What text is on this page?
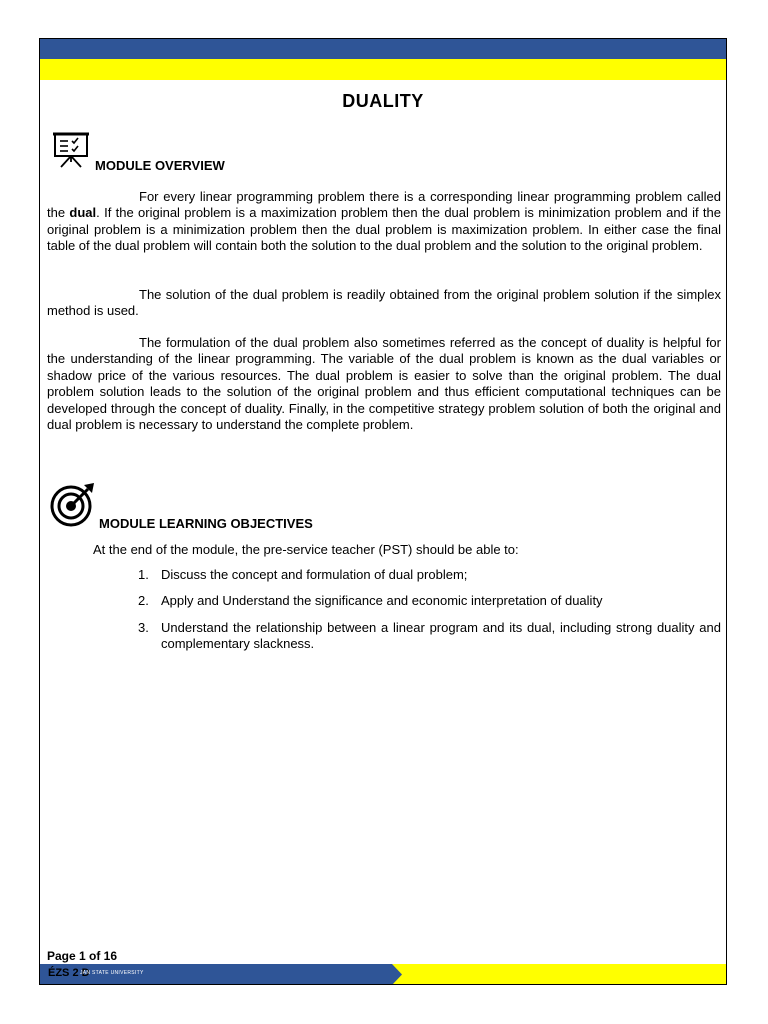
DUALITY
MODULE OVERVIEW

For every linear programming problem there is a corresponding linear programming problem called the dual. If the original problem is a maximization problem then the dual problem is minimization problem and if the original problem is a minimization problem then the dual problem is maximization problem. In either case the final table of the dual problem will contain both the solution to the dual problem and the solution to the original problem.

The solution of the dual problem is readily obtained from the original problem solution if the simplex method is used.

The formulation of the dual problem also sometimes referred as the concept of duality is helpful for the understanding of the linear programming. The variable of the dual problem is known as the dual variables or shadow price of the various resources. The dual problem is easier to solve than the original problem. The dual problem solution leads to the solution of the original problem and thus efficient computational techniques can be developed through the concept of duality. Finally, in the competitive strategy problem solution of both the original and dual problem is necessary to understand the complete problem.

MODULE LEARNING OBJECTIVES
At the end of the module, the pre-service teacher (PST) should be able to:
1. Discuss the concept and formulation of dual problem;
2. Apply and Understand the significance and economic interpretation of duality
3. Understand the relationship between a linear program and its dual, including strong duality and complementary slackness.
Page 1 of 16
ÉZS 2 D
JAN STATE UNIVERSITY
